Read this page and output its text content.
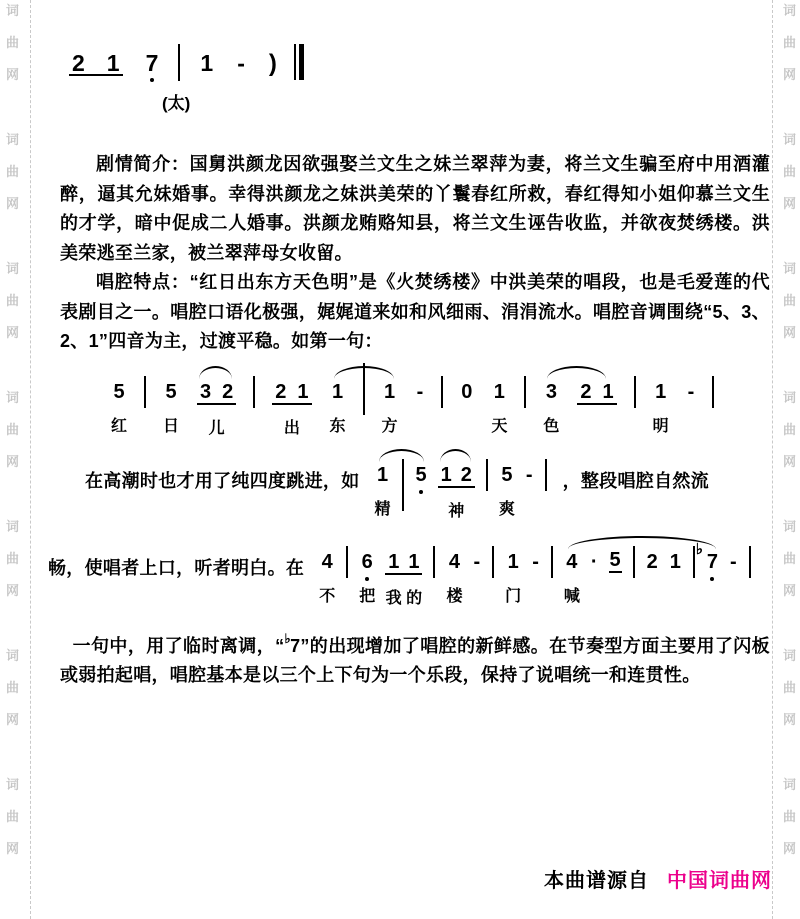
词
曲
网
词
曲
网
词
曲
网
词
曲
网
词
曲
网
词
曲
网
词
曲
网
词
曲
网
词
曲
网
词
曲
网
词
曲
网
词
曲
网
词
曲
网
词
曲
网
2 1 7 1 - )
(太)

剧情简介：国舅洪颜龙因欲强娶兰文生之妹兰翠萍为妻，将兰文生骗至府中用酒灌醉，逼其允妹婚事。幸得洪颜龙之妹洪美荣的丫鬟春红所救，春红得知小姐仰慕兰文生的才学，暗中促成二人婚事。洪颜龙贿赂知县，将兰文生诬告收监，并欲夜焚绣楼。洪美荣逃至兰家，被兰翠萍母女收留。

唱腔特点：“红日出东方天色明”是《火焚绣楼》中洪美荣的唱段，也是毛爱莲的代表剧目之一。唱腔口语化极强，娓娓道来如和风细雨、涓涓流水。唱腔音调围绕“5、3、2、1”四音为主，过渡平稳。如第一句：

5
红
5
日
3 2
儿
2 1
出
1
东
1
方
- 0 1
天
3
色
2 1 1
明
-
在高潮时也才用了纯四度跳进，如 1
精
5 1 2
神
5
爽
- ，整段唱腔自然流
畅，使唱者上口，听者明白。在 4
不
6
把
1 1
我 的
4
楼
- 1
门
- 4
喊
· 5 2 1 7
♭
-

一句中，用了临时离调，“♭7”的出现增加了唱腔的新鲜感。在节奏型方面主要用了闪板或弱拍起唱，唱腔基本是以三个上下句为一个乐段，保持了说唱统一和连贯性。

本曲谱源自 中国词曲网
